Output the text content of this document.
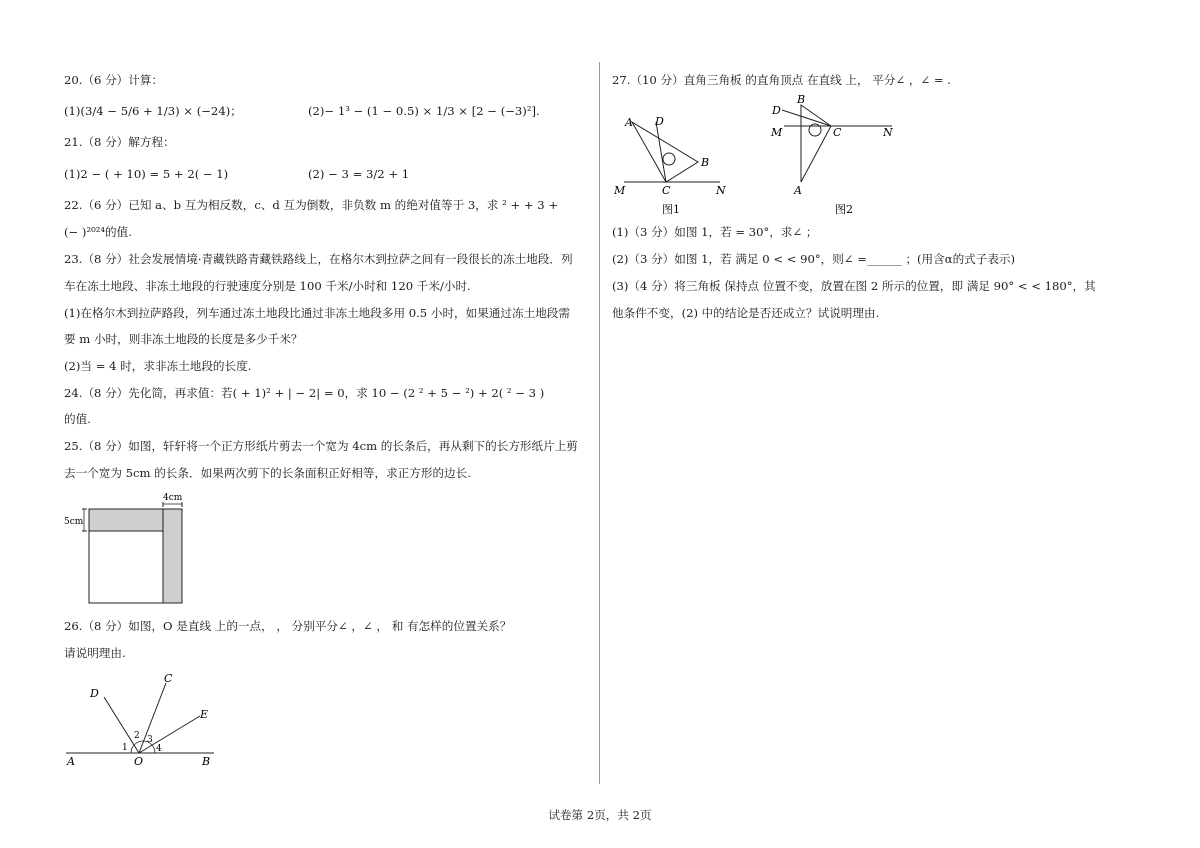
20.（6 分）计算：
(1)(3/4 − 5/6 + 1/3) × (−24)；	(2)− 1³ − (1 − 0.5) × 1/3 × [2 − (−3)²].
21.（8 分）解方程：
(1)2 − ( + 10) = 5 + 2( − 1)	(2) − 3 = 3/2 + 1
22.（6 分）已知 a、b 互为相反数，c、d 互为倒数，非负数 m 的绝对值等于 3，求 ² + + 3 +
(− )²⁰²⁴的值.
23.（8 分）社会发展情境·青藏铁路青藏铁路线上，在格尔木到拉萨之间有一段很长的冻土地段．列
车在冻土地段、非冻土地段的行驶速度分别是 100 千米/小时和 120 千米/小时.
(1)在格尔木到拉萨路段，列车通过冻土地段比通过非冻土地段多用 0.5 小时，如果通过冻土地段需
要 m 小时，则非冻土地段的长度是多少千米？
(2)当 = 4 时，求非冻土地段的长度.
24.（8 分）先化简，再求值：若( + 1)² + | − 2| = 0，求 10 − (2 ² + 5 − ²) + 2( ² − 3 )
的值.
25.（8 分）如图，轩轩将一个正方形纸片剪去一个宽为 4cm 的长条后，再从剩下的长方形纸片上剪
去一个宽为 5cm 的长条．如果两次剪下的长条面积正好相等，求正方形的边长.
4cm
5cm
26.（8 分）如图，O 是直线 上的一点， ， 分别平分∠ ，∠ ， 和 有怎样的位置关系？
请说明理由.
A	O	B
C
D
E
1
2 3
4
27.（10 分）直角三角板 的直角顶点 在直线 上， 平分∠ ，∠ = .
A D
B
M	C	N
图1
D
B
M	C	N
A
图2
(1)（3 分）如图 1，若 = 30°，求∠ ；
(2)（3 分）如图 1，若 满足 0 < < 90°，则∠ =______ ；(用含α的式子表示)
(3)（4 分）将三角板 保持点 位置不变，放置在图 2 所示的位置，即 满足 90° < < 180°，其
他条件不变，(2) 中的结论是否还成立？试说明理由.
试卷第 2页，共 2页
